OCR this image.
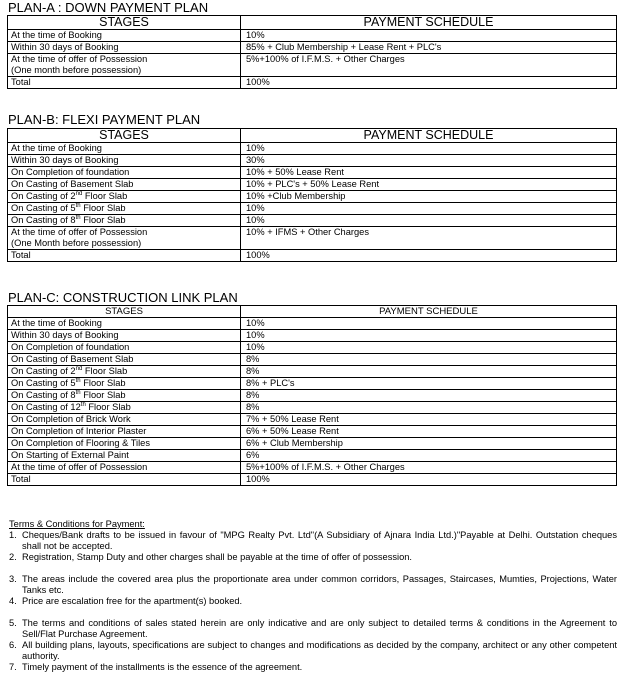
PLAN-A : DOWN PAYMENT PLAN
STAGES	PAYMENT SCHEDULE
At the time of Booking	10%
Within 30 days of Booking	85% + Club Membership + Lease Rent + PLC's

At the time of offer of Possession
(One month before possession)	5%+100% of I.F.M.S. + Other Charges
Total	100%
PLAN-B: FLEXI PAYMENT PLAN
STAGES	PAYMENT SCHEDULE
At the time of Booking	10%
Within 30 days of Booking	30%
On Completion of foundation	10% + 50% Lease Rent
On Casting of Basement Slab	10% + PLC's + 50% Lease Rent
On Casting of 2nd Floor Slab	10% +Club Membership
On Casting of 5th Floor Slab	10%
On Casting of 8th Floor Slab	10%

At the time of offer of Possession
(One Month before possession)	10% + IFMS + Other Charges
Total	100%
PLAN-C: CONSTRUCTION LINK PLAN
STAGES	PAYMENT SCHEDULE
At the time of Booking	10%
Within 30 days of Booking	10%
On Completion of foundation	10%
On Casting of Basement Slab	8%
On Casting of 2nd Floor Slab	8%
On Casting of 5th Floor Slab	8% + PLC's
On Casting of 8th Floor Slab	8%
On Casting of 12th Floor Slab	8%
On Completion of Brick Work	7% + 50% Lease Rent
On Completion of Interior Plaster	6% + 50% Lease Rent
On Completion of Flooring & Tiles	6% + Club Membership
On Starting of External Paint	6%
At the time of offer of Possession	5%+100% of I.F.M.S. + Other Charges
Total	100%
Terms & Conditions for Payment:
1. Cheques/Bank drafts to be issued in favour of "MPG Realty Pvt. Ltd"(A Subsidiary of Ajnara India Ltd.)"Payable at Delhi. Outstation cheques shall not be accepted.
2. Registration, Stamp Duty and other charges shall be payable at the time of offer of possession.
3. The areas include the covered area plus the proportionate area under common corridors, Passages, Staircases, Mumties, Projections, Water Tanks etc.
4. Price are escalation free for the apartment(s) booked.
5. The terms and conditions of sales stated herein are only indicative and are only subject to detailed terms & conditions in the Agreement to Sell/Flat Purchase Agreement.
6. All building plans, layouts, specifications are subject to changes and modifications as decided by the company, architect or any other competent authority.
7. Timely payment of the installments is the essence of the agreement.
